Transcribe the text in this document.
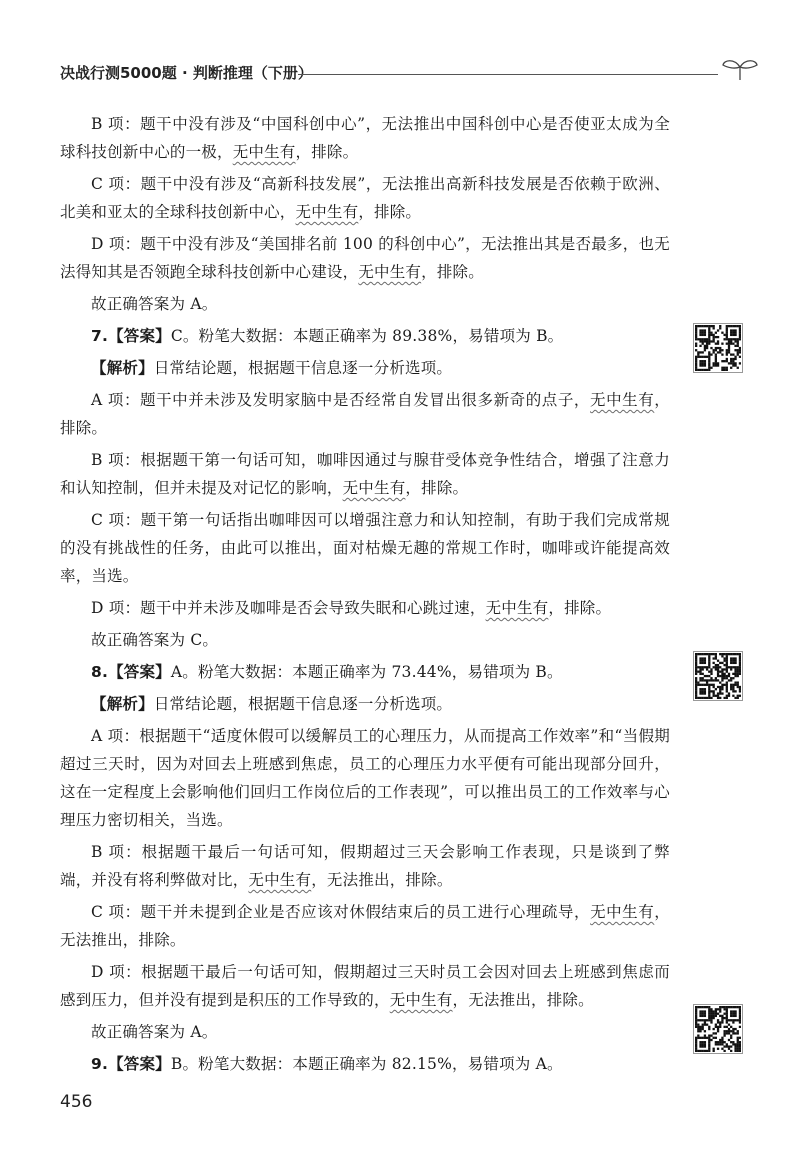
决战行测5000题 · 判断推理（下册）

B 项：题干中没有涉及“中国科创中心”，无法推出中国科创中心是否使亚太成为全球科技创新中心的一极，无中生有，排除。

C 项：题干中没有涉及“高新科技发展”，无法推出高新科技发展是否依赖于欧洲、北美和亚太的全球科技创新中心，无中生有，排除。

D 项：题干中没有涉及“美国排名前 100 的科创中心”，无法推出其是否最多，也无法得知其是否领跑全球科技创新中心建设，无中生有，排除。

故正确答案为 A。

7.【答案】C。粉笔大数据：本题正确率为 89.38%，易错项为 B。

【解析】日常结论题，根据题干信息逐一分析选项。

A 项：题干中并未涉及发明家脑中是否经常自发冒出很多新奇的点子，无中生有，排除。

B 项：根据题干第一句话可知，咖啡因通过与腺苷受体竞争性结合，增强了注意力和认知控制，但并未提及对记忆的影响，无中生有，排除。

C 项：题干第一句话指出咖啡因可以增强注意力和认知控制，有助于我们完成常规的没有挑战性的任务，由此可以推出，面对枯燥无趣的常规工作时，咖啡或许能提高效率，当选。

D 项：题干中并未涉及咖啡是否会导致失眠和心跳过速，无中生有，排除。

故正确答案为 C。

8.【答案】A。粉笔大数据：本题正确率为 73.44%，易错项为 B。

【解析】日常结论题，根据题干信息逐一分析选项。

A 项：根据题干“适度休假可以缓解员工的心理压力，从而提高工作效率”和“当假期超过三天时，因为对回去上班感到焦虑，员工的心理压力水平便有可能出现部分回升，这在一定程度上会影响他们回归工作岗位后的工作表现”，可以推出员工的工作效率与心理压力密切相关，当选。

B 项：根据题干最后一句话可知，假期超过三天会影响工作表现，只是谈到了弊端，并没有将利弊做对比，无中生有，无法推出，排除。

C 项：题干并未提到企业是否应该对休假结束后的员工进行心理疏导，无中生有，无法推出，排除。

D 项：根据题干最后一句话可知，假期超过三天时员工会因对回去上班感到焦虑而感到压力，但并没有提到是积压的工作导致的，无中生有，无法推出，排除。

故正确答案为 A。

9.【答案】B。粉笔大数据：本题正确率为 82.15%，易错项为 A。

456
